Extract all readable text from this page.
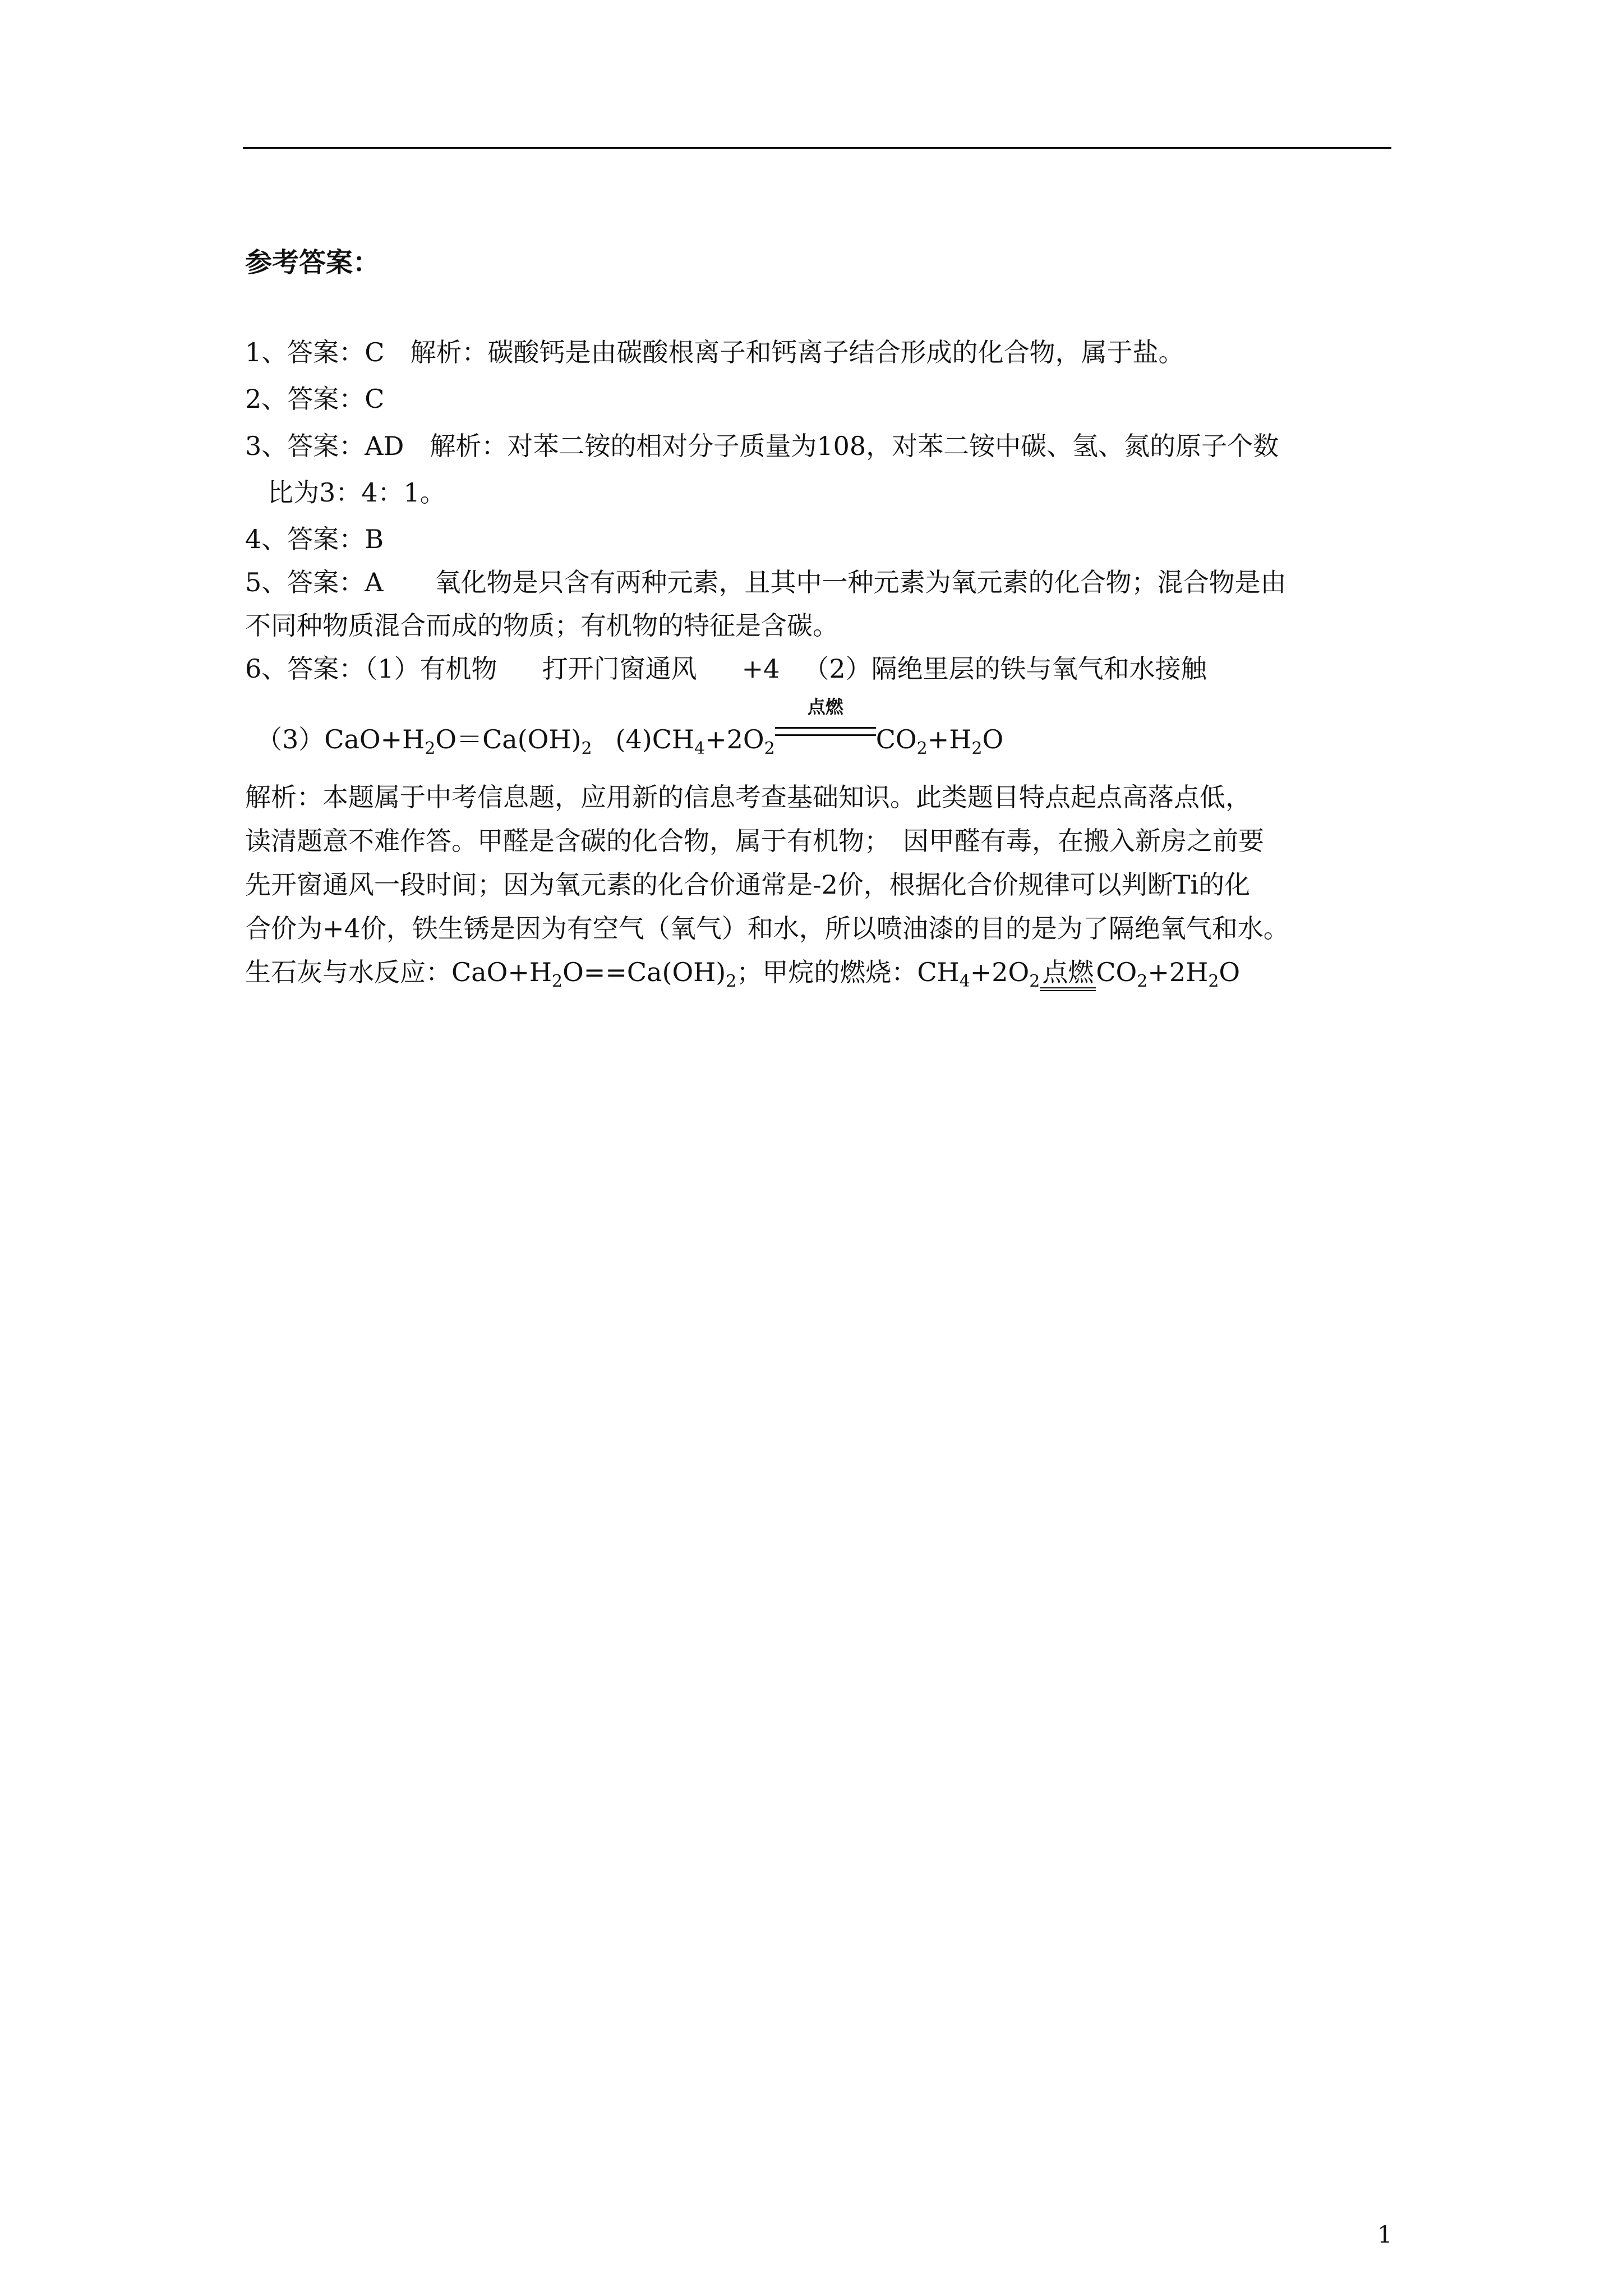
参考答案：
1、答案：C　解析：碳酸钙是由碳酸根离子和钙离子结合形成的化合物，属于盐。
2、答案：C
3、答案：AD　解析：对苯二铵的相对分子质量为108，对苯二铵中碳、氢、氮的原子个数
比为3：4：1。
4、答案：B
5、答案：A　　氧化物是只含有两种元素，且其中一种元素为氧元素的化合物；混合物是由
不同种物质混合而成的物质；有机物的特征是含碳。
6、答案：（1）有机物 打开门窗通风 +4 （2）隔绝里层的铁与氧气和水接触
$(3)CaO+H_2O=Ca(OH)_2$ $(4)CH_4+2O_2$
点燃
$CO_2+H_2O$
解析：本题属于中考信息题，应用新的信息考查基础知识。此类题目特点起点高落点低，
读清题意不难作答。甲醛是含碳的化合物，属于有机物；　因甲醛有毒，在搬入新房之前要
先开窗通风一段时间；因为氧元素的化合价通常是-2价，根据化合价规律可以判断Ti的化
合价为+4价，铁生锈是因为有空气（氧气）和水，所以喷油漆的目的是为了隔绝氧气和水。
生石灰与水反应：$CaO+H_2O==Ca(OH)_2$；甲烷的燃烧：$CH_4+2O_2$点燃$CO_2+2H_2O$
1
